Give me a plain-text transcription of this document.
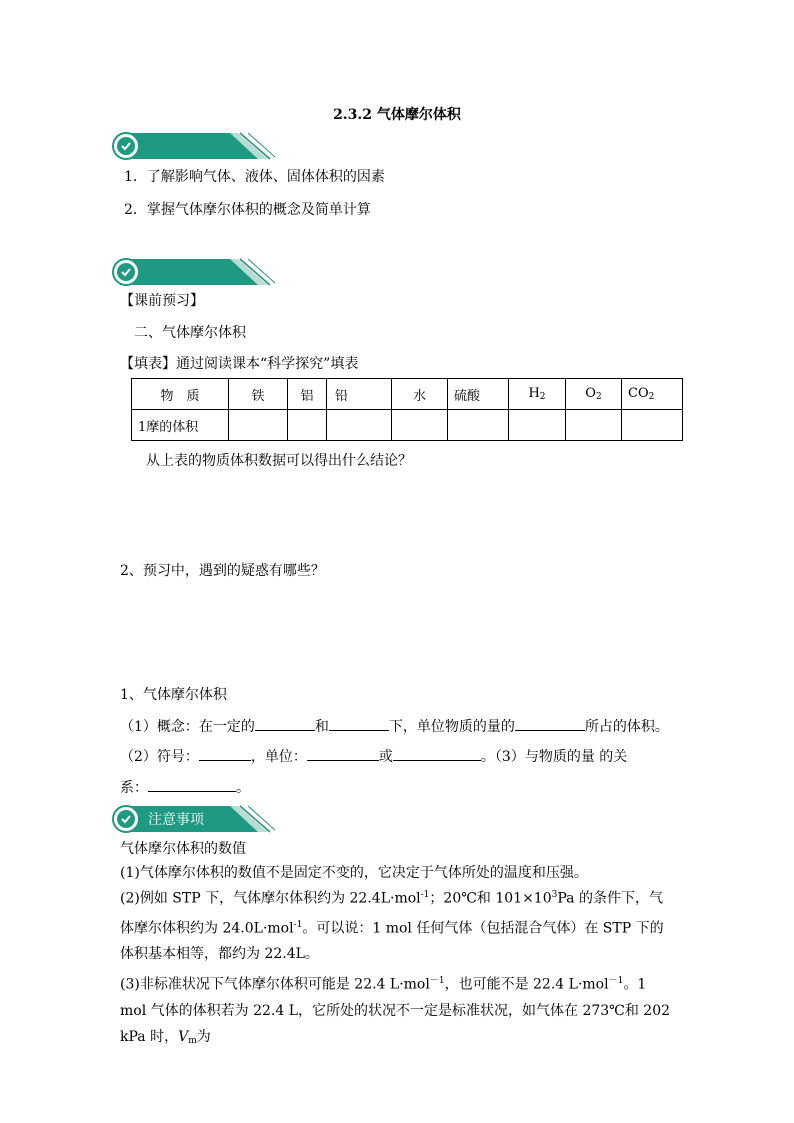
2.3.2 气体摩尔体积
1．了解影响气体、液体、固体体积的因素
2．掌握气体摩尔体积的概念及简单计算
【课前预习】
二、气体摩尔体积
【填表】通过阅读课本“科学探究”填表
物　质	铁	铝	铅	水	硫酸	$H_2$	$O_2$	$CO_2$
1摩的体积								
从上表的物质体积数据可以得出什么结论？
2、预习中，遇到的疑惑有哪些？
1、气体摩尔体积
（1）概念：在一定的	和	下，单位物质的量的	所占的体积。
（2）符号：	，单位：	或	。（3）与物质的量 的关
系：	。
注意事项
气体摩尔体积的数值
(1)气体摩尔体积的数值不是固定不变的，它决定于气体所处的温度和压强。
(2)例如 STP 下，气体摩尔体积约为 22.4L·mol$^{-1}$；20℃和 $101\times 10^3Pa$ 的条件下，气体摩尔体积约为 24.0L·mol$^{-1}$。可以说：1 mol 任何气体（包括混合气体）在 STP 下的体积基本相等，都约为 22.4L。
(3)非标准状况下气体摩尔体积可能是 22.4 L·mol$^{-1}$，也可能不是 22.4 L·mol$^{-1}$。1 mol 气体的体积若为 22.4 L，它所处的状况不一定是标准状况，如气体在 273℃和 202 kPa 时，$V_m$为
